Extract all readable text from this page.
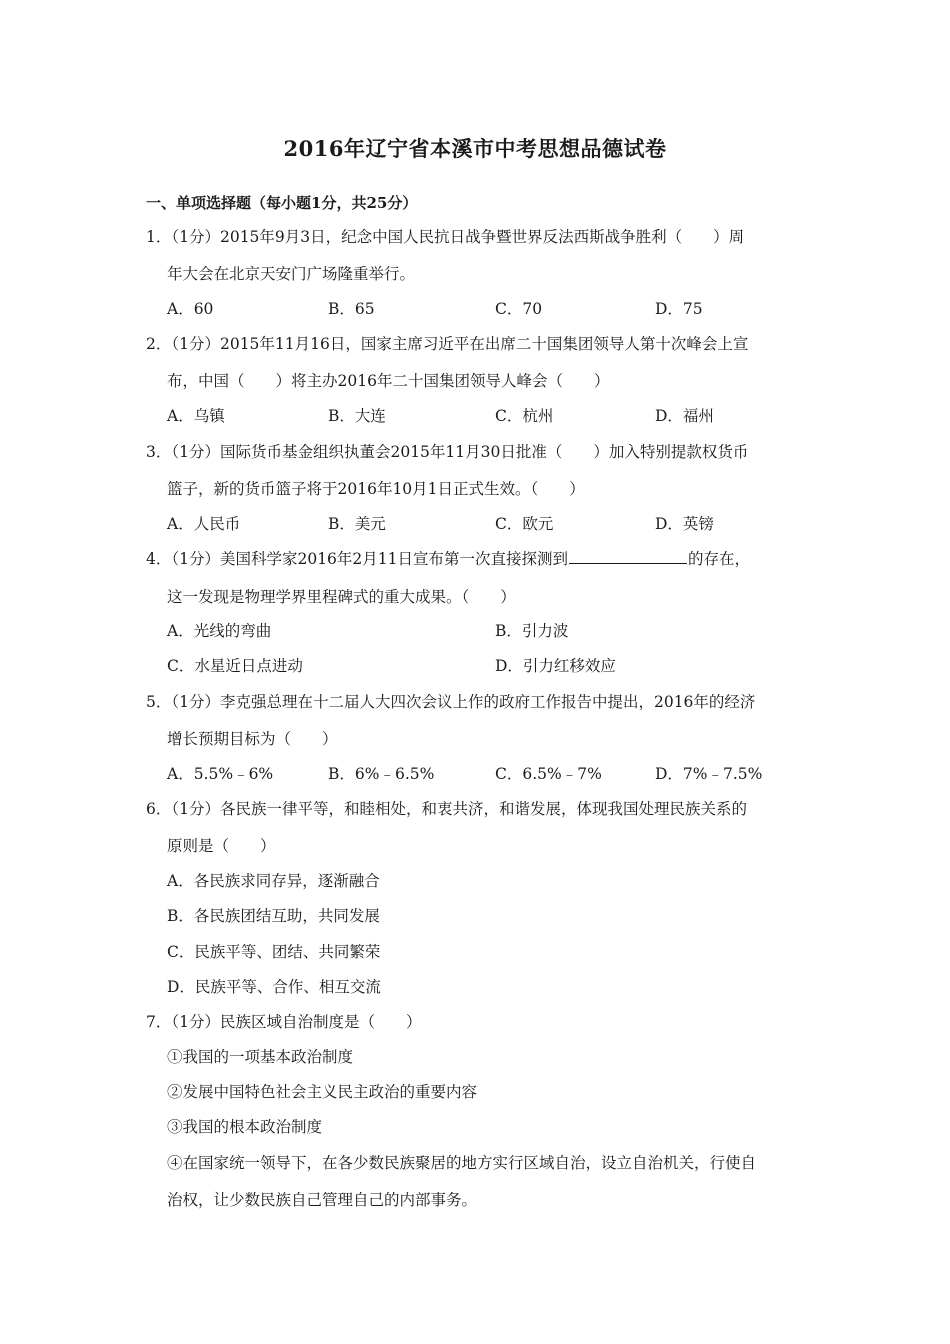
2016年辽宁省本溪市中考思想品德试卷
一、单项选择题（每小题1分，共25分）
1．（1分）2015年9月3日，纪念中国人民抗日战争暨世界反法西斯战争胜利（　　）周
年大会在北京天安门广场隆重举行。
A．60	B．65	C．70	D．75
2．（1分）2015年11月16日，国家主席习近平在出席二十国集团领导人第十次峰会上宣
布，中国（　　）将主办2016年二十国集团领导人峰会（　　）
A．乌镇	B．大连	C．杭州	D．福州
3．（1分）国际货币基金组织执董会2015年11月30日批准（　　）加入特别提款权货币
篮子，新的货币篮子将于2016年10月1日正式生效。（　　）
A．人民币	B．美元	C．欧元	D．英镑
4．（1分）美国科学家2016年2月11日宣布第一次直接探测到	的存在，
这一发现是物理学界里程碑式的重大成果。（　　）
A．光线的弯曲	B．引力波
C．水星近日点进动	D．引力红移效应
5．（1分）李克强总理在十二届人大四次会议上作的政府工作报告中提出，2016年的经济
增长预期目标为（　　）
A．5.5%﹣6%	B．6%﹣6.5%	C．6.5%﹣7%	D．7%﹣7.5%
6．（1分）各民族一律平等，和睦相处，和衷共济，和谐发展，体现我国处理民族关系的
原则是（　　）
A．各民族求同存异，逐渐融合
B．各民族团结互助，共同发展
C．民族平等、团结、共同繁荣
D．民族平等、合作、相互交流
7．（1分）民族区域自治制度是（　　）
①我国的一项基本政治制度
②发展中国特色社会主义民主政治的重要内容
③我国的根本政治制度
④在国家统一领导下，在各少数民族聚居的地方实行区域自治，设立自治机关，行使自
治权，让少数民族自己管理自己的内部事务。
